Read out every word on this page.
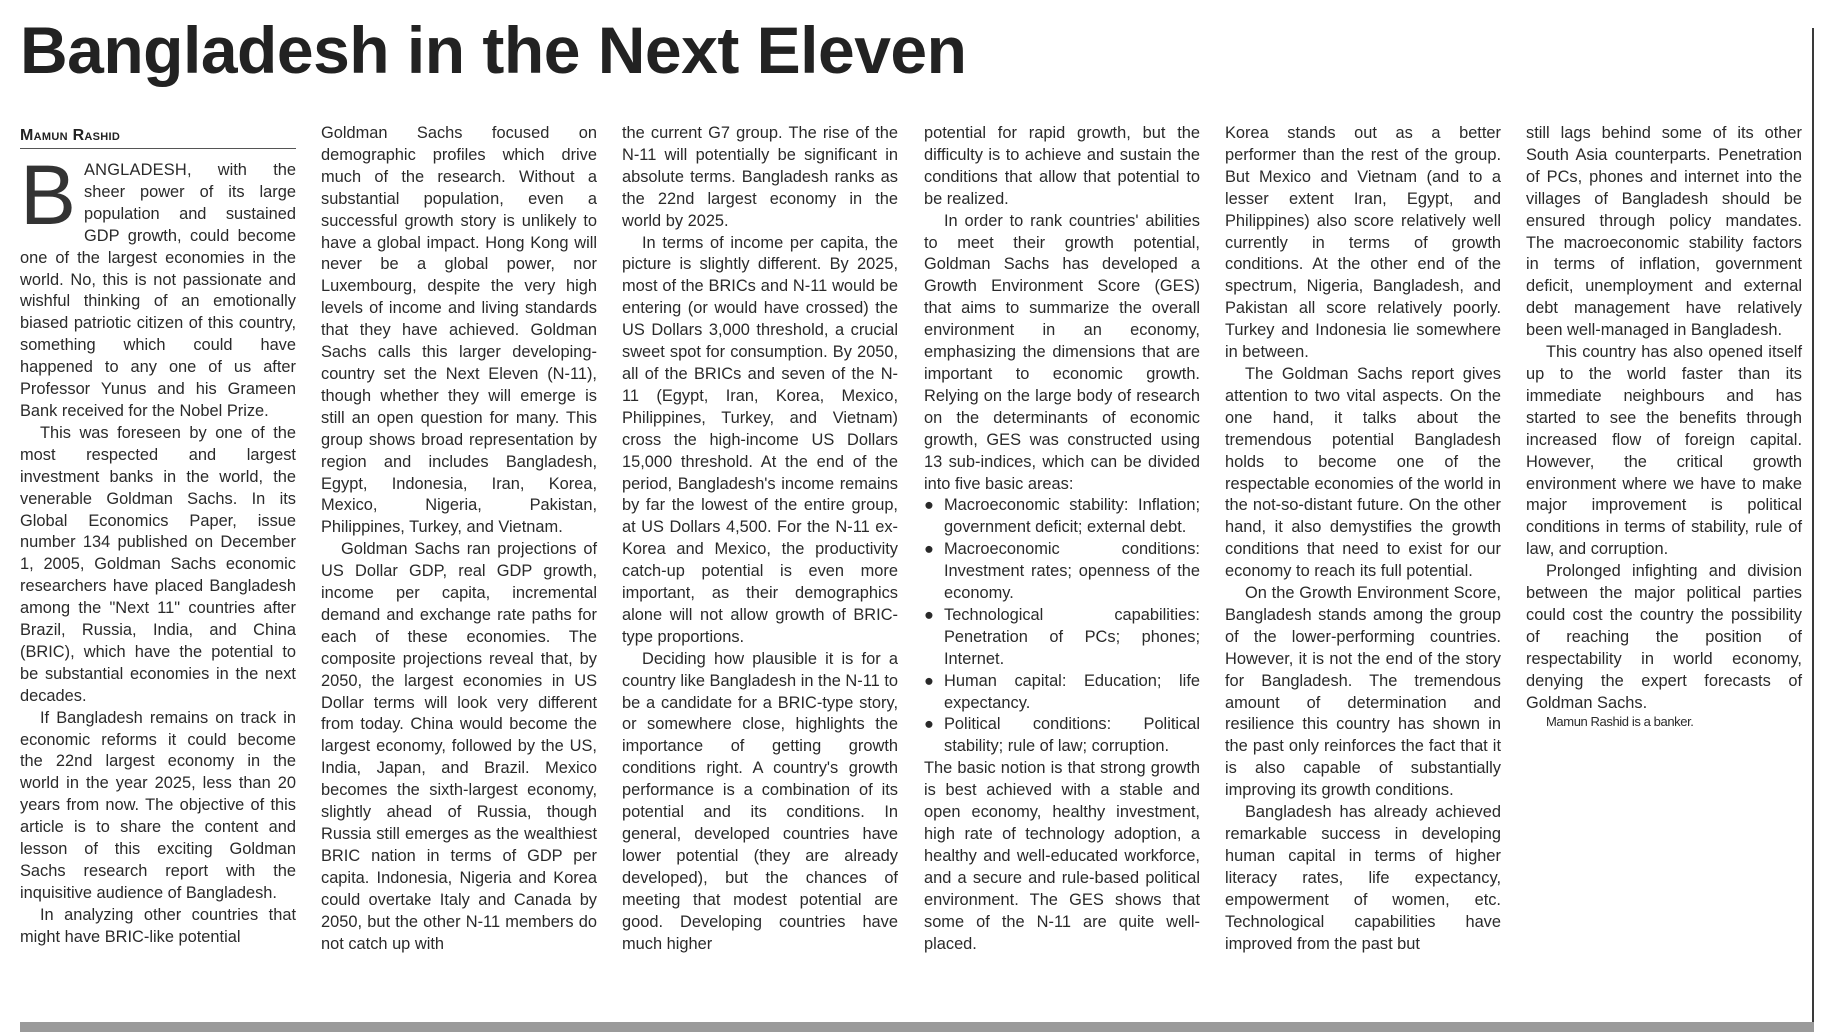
Bangladesh in the Next Eleven
Mamun Rashid

BANGLADESH, with the sheer power of its large population and sustained GDP growth, could become one of the largest economies in the world. No, this is not passionate and wishful thinking of an emotionally biased patriotic citizen of this country, something which could have happened to any one of us after Professor Yunus and his Grameen Bank received for the Nobel Prize.

This was foreseen by one of the most respected and largest investment banks in the world, the venerable Goldman Sachs. In its Global Economics Paper, issue number 134 published on December 1, 2005, Goldman Sachs economic researchers have placed Bangladesh among the "Next 11" countries after Brazil, Russia, India, and China (BRIC), which have the potential to be substantial economies in the next decades.

If Bangladesh remains on track in economic reforms it could become the 22nd largest economy in the world in the year 2025, less than 20 years from now. The objective of this article is to share the content and lesson of this exciting Goldman Sachs research report with the inquisitive audience of Bangladesh.

In analyzing other countries that might have BRIC-like potential

Goldman Sachs focused on demographic profiles which drive much of the research. Without a substantial population, even a successful growth story is unlikely to have a global impact. Hong Kong will never be a global power, nor Luxembourg, despite the very high levels of income and living standards that they have achieved. Goldman Sachs calls this larger developing-country set the Next Eleven (N-11), though whether they will emerge is still an open question for many. This group shows broad representation by region and includes Bangladesh, Egypt, Indonesia, Iran, Korea, Mexico, Nigeria, Pakistan, Philippines, Turkey, and Vietnam.

Goldman Sachs ran projections of US Dollar GDP, real GDP growth, income per capita, incremental demand and exchange rate paths for each of these economies. The composite projections reveal that, by 2050, the largest economies in US Dollar terms will look very different from today. China would become the largest economy, followed by the US, India, Japan, and Brazil. Mexico becomes the sixth-largest economy, slightly ahead of Russia, though Russia still emerges as the wealthiest BRIC nation in terms of GDP per capita. Indonesia, Nigeria and Korea could overtake Italy and Canada by 2050, but the other N-11 members do not catch up with

the current G7 group. The rise of the N-11 will potentially be significant in absolute terms. Bangladesh ranks as the 22nd largest economy in the world by 2025.

In terms of income per capita, the picture is slightly different. By 2025, most of the BRICs and N-11 would be entering (or would have crossed) the US Dollars 3,000 threshold, a crucial sweet spot for consumption. By 2050, all of the BRICs and seven of the N-11 (Egypt, Iran, Korea, Mexico, Philippines, Turkey, and Vietnam) cross the high-income US Dollars 15,000 threshold. At the end of the period, Bangladesh's income remains by far the lowest of the entire group, at US Dollars 4,500. For the N-11 ex-Korea and Mexico, the productivity catch-up potential is even more important, as their demographics alone will not allow growth of BRIC-type proportions.

Deciding how plausible it is for a country like Bangladesh in the N-11 to be a candidate for a BRIC-type story, or somewhere close, highlights the importance of getting growth conditions right. A country's growth performance is a combination of its potential and its conditions. In general, developed countries have lower potential (they are already developed), but the chances of meeting that modest potential are good. Developing countries have much higher

potential for rapid growth, but the difficulty is to achieve and sustain the conditions that allow that potential to be realized.

In order to rank countries' abilities to meet their growth potential, Goldman Sachs has developed a Growth Environment Score (GES) that aims to summarize the overall environment in an economy, emphasizing the dimensions that are important to economic growth. Relying on the large body of research on the determinants of economic growth, GES was constructed using 13 sub-indices, which can be divided into five basic areas:

● Macroeconomic stability: Inflation; government deficit; external debt.
● Macroeconomic conditions: Investment rates; openness of the economy.
● Technological capabilities: Penetration of PCs; phones; Internet.
● Human capital: Education; life expectancy.
● Political conditions: Political stability; rule of law; corruption.

The basic notion is that strong growth is best achieved with a stable and open economy, healthy investment, high rate of technology adoption, a healthy and well-educated workforce, and a secure and rule-based political environment. The GES shows that some of the N-11 are quite well-placed.

Korea stands out as a better performer than the rest of the group. But Mexico and Vietnam (and to a lesser extent Iran, Egypt, and Philippines) also score relatively well currently in terms of growth conditions. At the other end of the spectrum, Nigeria, Bangladesh, and Pakistan all score relatively poorly. Turkey and Indonesia lie somewhere in between.

The Goldman Sachs report gives attention to two vital aspects. On the one hand, it talks about the tremendous potential Bangladesh holds to become one of the respectable economies of the world in the not-so-distant future. On the other hand, it also demystifies the growth conditions that need to exist for our economy to reach its full potential.

On the Growth Environment Score, Bangladesh stands among the group of the lower-performing countries. However, it is not the end of the story for Bangladesh. The tremendous amount of determination and resilience this country has shown in the past only reinforces the fact that it is also capable of substantially improving its growth conditions.

Bangladesh has already achieved remarkable success in developing human capital in terms of higher literacy rates, life expectancy, empowerment of women, etc. Technological capabilities have improved from the past but

still lags behind some of its other South Asia counterparts. Penetration of PCs, phones and internet into the villages of Bangladesh should be ensured through policy mandates. The macroeconomic stability factors in terms of inflation, government deficit, unemployment and external debt management have relatively been well-managed in Bangladesh.

This country has also opened itself up to the world faster than its immediate neighbours and has started to see the benefits through increased flow of foreign capital. However, the critical growth environment where we have to make major improvement is political conditions in terms of stability, rule of law, and corruption.

Prolonged infighting and division between the major political parties could cost the country the possibility of reaching the position of respectability in world economy, denying the expert forecasts of Goldman Sachs.

Mamun Rashid is a banker.
